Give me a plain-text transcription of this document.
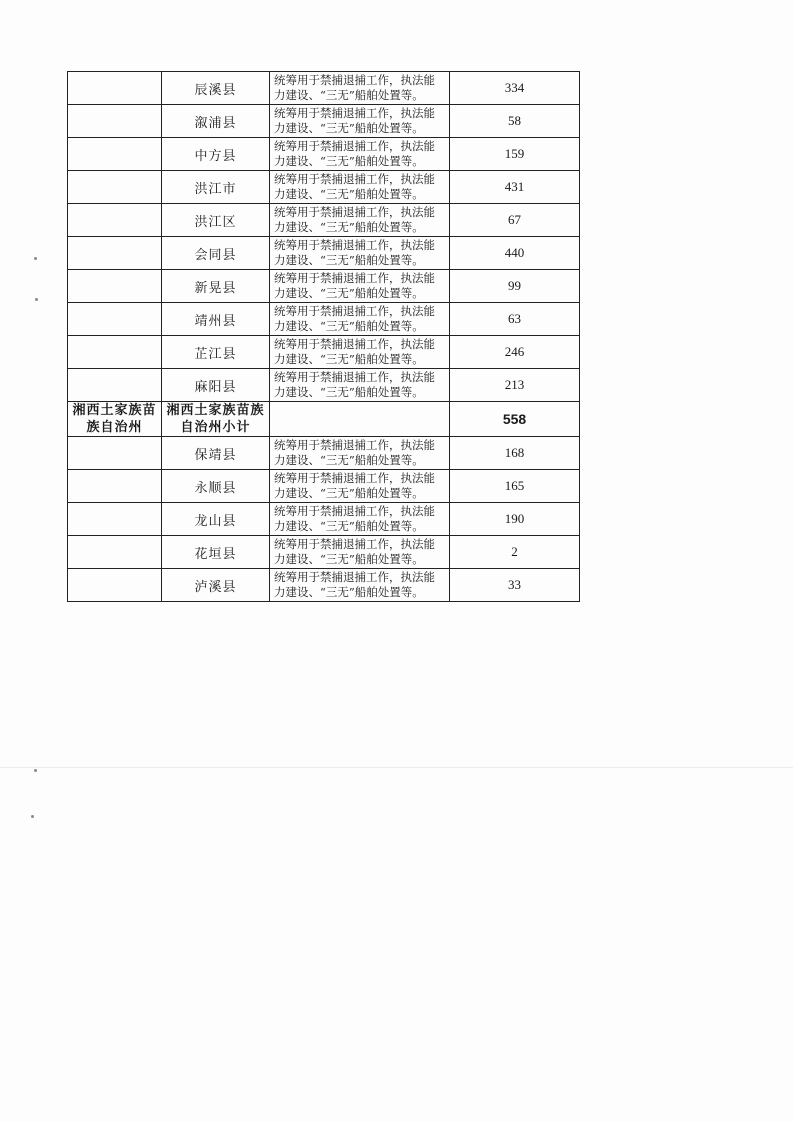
	辰溪县	统筹用于禁捕退捕工作，执法能
力建设、“三无”船舶处置等。	334
	溆浦县	统筹用于禁捕退捕工作，执法能
力建设、“三无”船舶处置等。	58
	中方县	统筹用于禁捕退捕工作，执法能
力建设、“三无”船舶处置等。	159
	洪江市	统筹用于禁捕退捕工作，执法能
力建设、“三无”船舶处置等。	431
	洪江区	统筹用于禁捕退捕工作，执法能
力建设、“三无”船舶处置等。	67
	会同县	统筹用于禁捕退捕工作，执法能
力建设、“三无”船舶处置等。	440
	新晃县	统筹用于禁捕退捕工作，执法能
力建设、“三无”船舶处置等。	99
	靖州县	统筹用于禁捕退捕工作，执法能
力建设、“三无”船舶处置等。	63
	芷江县	统筹用于禁捕退捕工作，执法能
力建设、“三无”船舶处置等。	246
	麻阳县	统筹用于禁捕退捕工作，执法能
力建设、“三无”船舶处置等。	213

湘西土家族苗
族自治州	湘西土家族苗族
自治州小计		558
	保靖县	统筹用于禁捕退捕工作，执法能
力建设、“三无”船舶处置等。	168
	永顺县	统筹用于禁捕退捕工作，执法能
力建设、“三无”船舶处置等。	165
	龙山县	统筹用于禁捕退捕工作，执法能
力建设、“三无”船舶处置等。	190
	花垣县	统筹用于禁捕退捕工作，执法能
力建设、“三无”船舶处置等。	2
	泸溪县	统筹用于禁捕退捕工作，执法能
力建设、“三无”船舶处置等。	33
